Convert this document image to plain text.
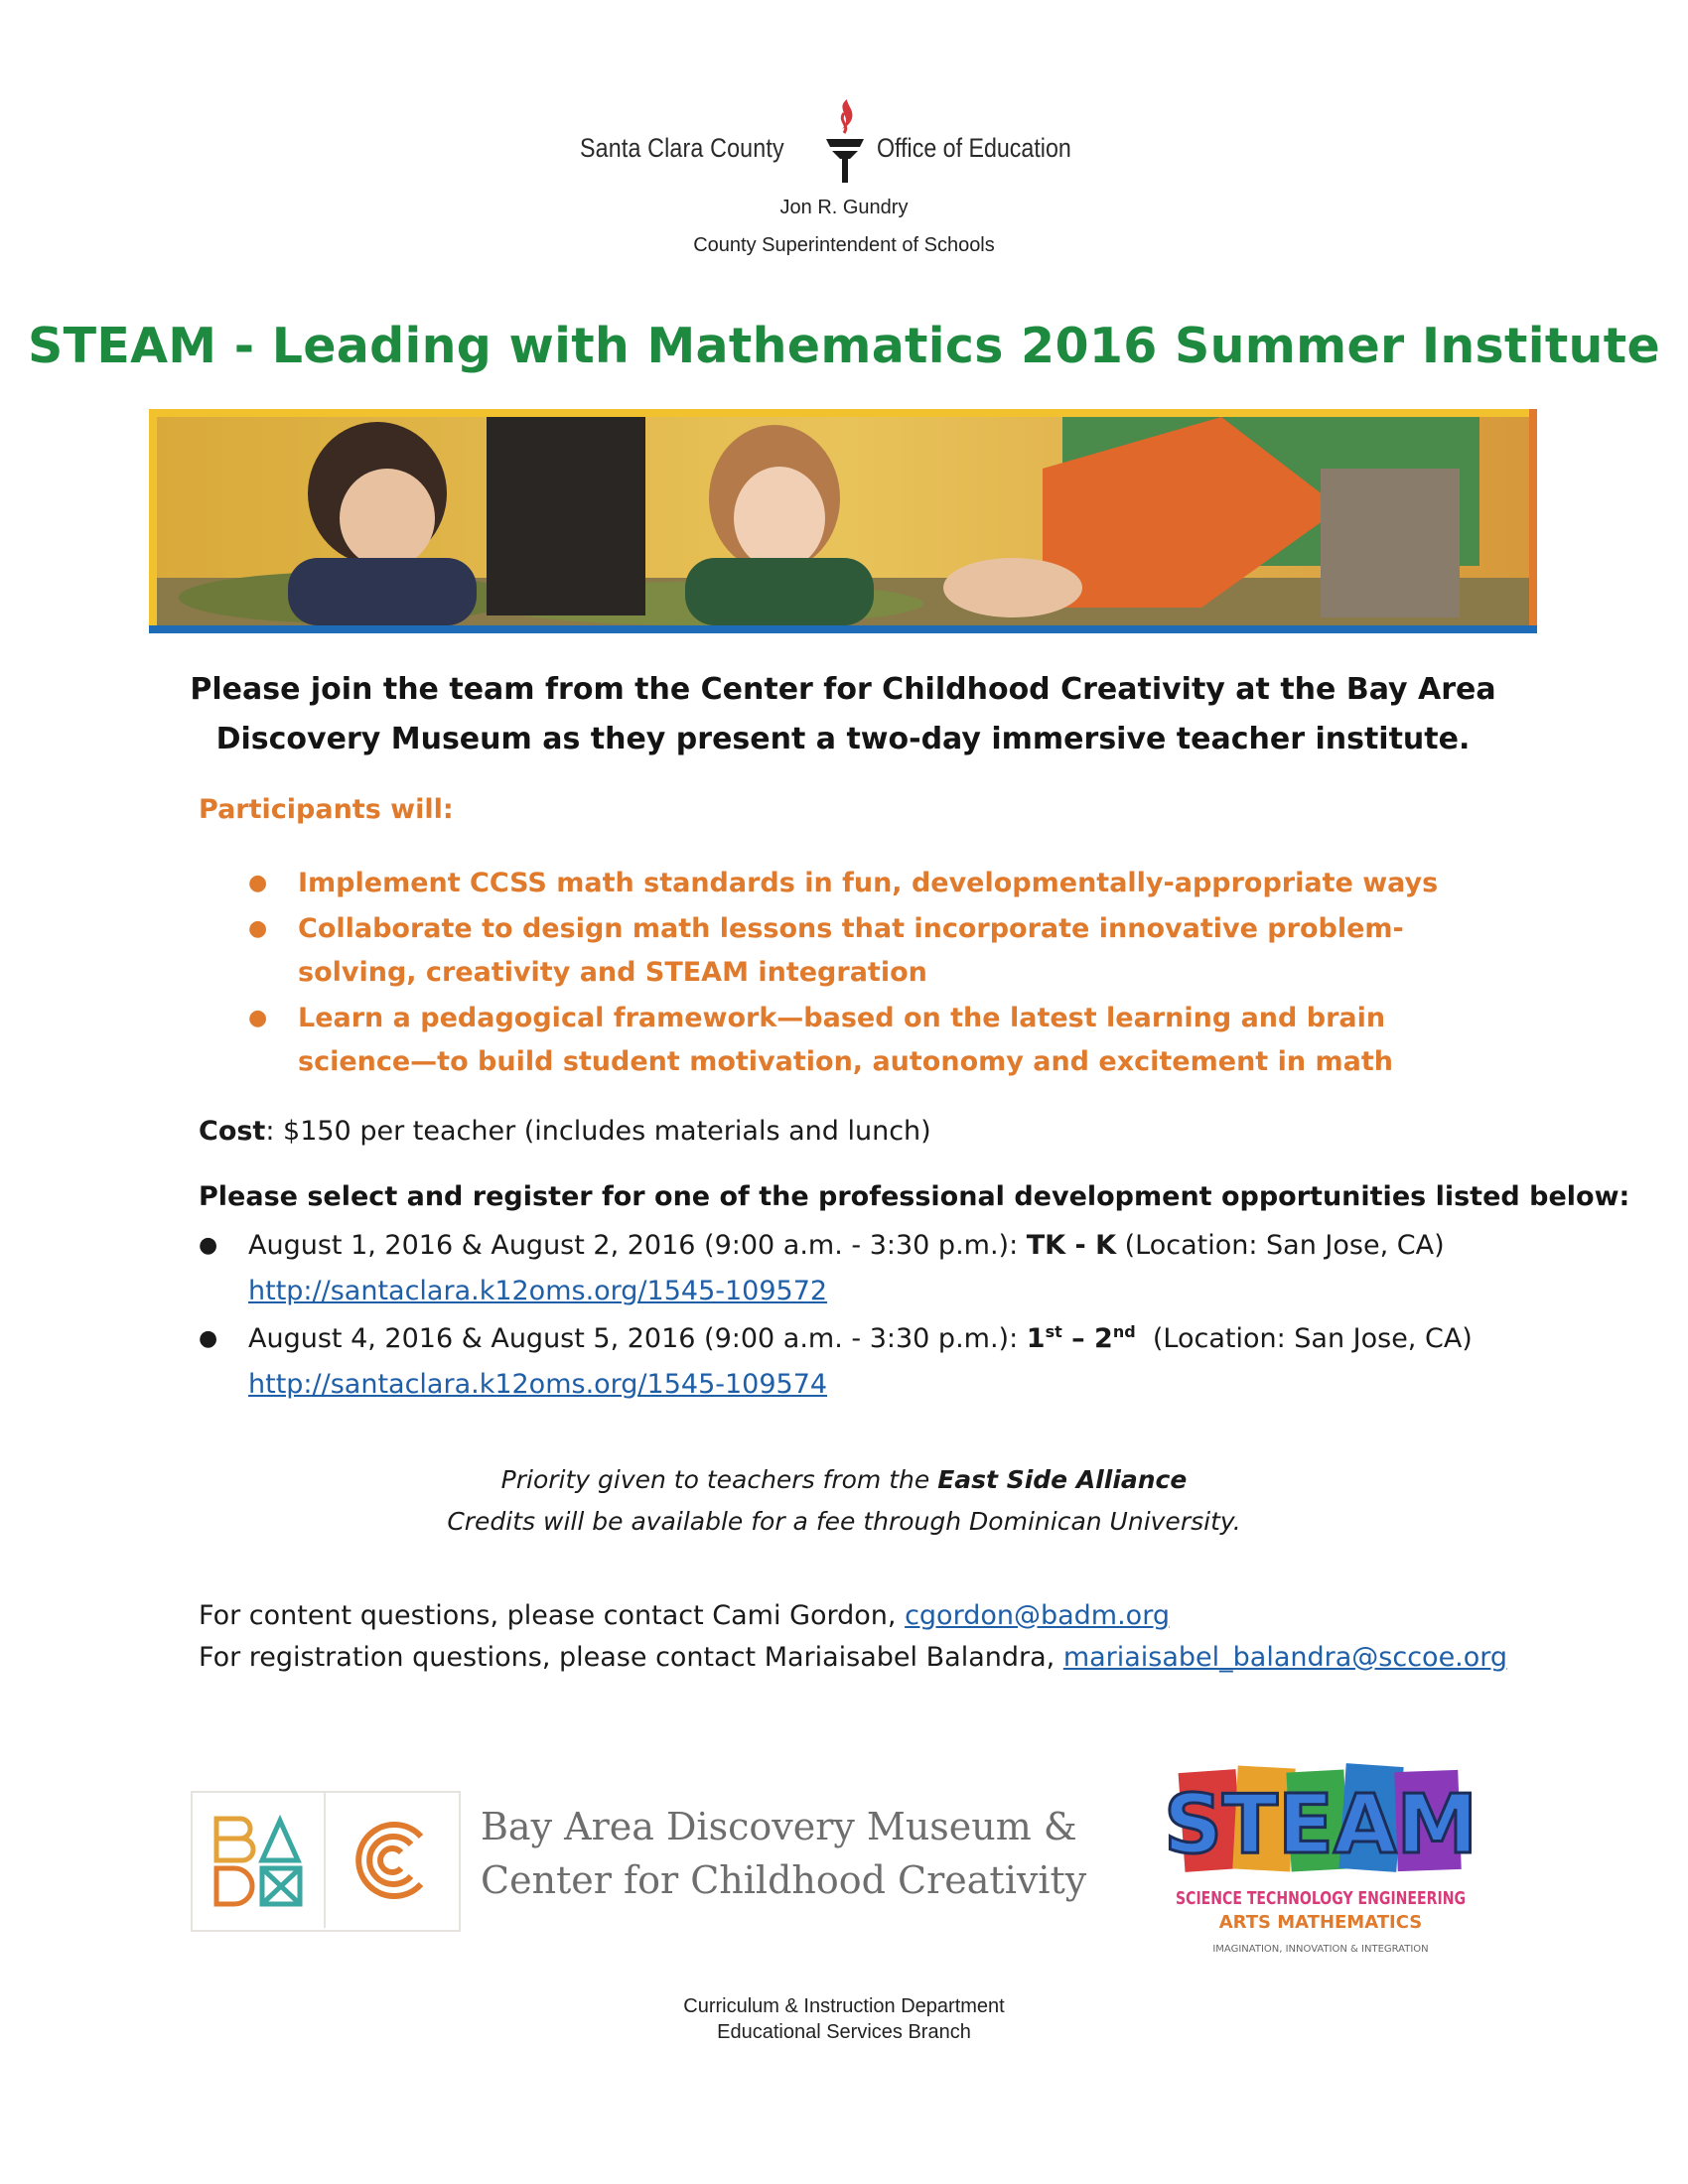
Santa Clara County	Office of Education
Jon R. Gundry
County Superintendent of Schools
STEAM - Leading with Mathematics 2016 Summer Institute
Please join the team from the Center for Childhood Creativity at the Bay Area
Discovery Museum as they present a two-day immersive teacher institute.
Participants will:
● Implement CCSS math standards in fun, developmentally-appropriate ways
● Collaborate to design math lessons that incorporate innovative problem-solving, creativity and STEAM integration
● Learn a pedagogical framework—based on the latest learning and brain science—to build student motivation, autonomy and excitement in math
Cost: $150 per teacher (includes materials and lunch)
Please select and register for one of the professional development opportunities listed below:
● August 1, 2016 & August 2, 2016 (9:00 a.m. - 3:30 p.m.): TK - K (Location: San Jose, CA)
http://santaclara.k12oms.org/1545-109572
● August 4, 2016 & August 5, 2016 (9:00 a.m. - 3:30 p.m.): 1st – 2nd  (Location: San Jose, CA)
http://santaclara.k12oms.org/1545-109574
Priority given to teachers from the East Side Alliance
Credits will be available for a fee through Dominican University.
For content questions, please contact Cami Gordon, cgordon@badm.org
For registration questions, please contact Mariaisabel Balandra, mariaisabel_balandra@sccoe.org
Bay Area Discovery Museum &
Center for Childhood Creativity
STEAM
SCIENCE TECHNOLOGY ENGINEERING
ARTS MATHEMATICS
IMAGINATION, INNOVATION & INTEGRATION
Curriculum & Instruction Department
Educational Services Branch
